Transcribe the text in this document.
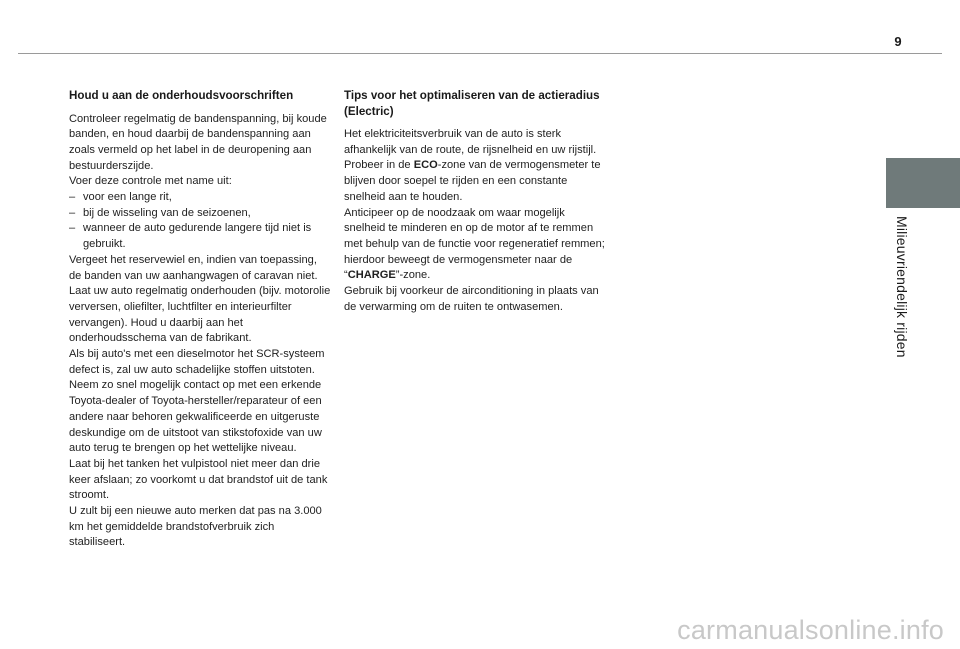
9
Milieuvriendelijk rijden
Houd u aan de onderhoudsvoorschriften

Controleer regelmatig de bandenspanning, bij koude banden, en houd daarbij de bandenspanning aan zoals vermeld op het label in de deuropening aan bestuurderszijde.

Voer deze controle met name uit:

– voor een lange rit,
– bij de wisseling van de seizoenen,
– wanneer de auto gedurende langere tijd niet is gebruikt.

Vergeet het reservewiel en, indien van toepassing, de banden van uw aanhangwagen of caravan niet.

Laat uw auto regelmatig onderhouden (bijv. motorolie verversen, oliefilter, luchtfilter en interieurfilter vervangen). Houd u daarbij aan het onderhoudsschema van de fabrikant.

Als bij auto's met een dieselmotor het SCR-systeem defect is, zal uw auto schadelijke stoffen uitstoten. Neem zo snel mogelijk contact op met een erkende Toyota-dealer of Toyota-hersteller/reparateur of een andere naar behoren gekwalificeerde en uitgeruste deskundige om de uitstoot van stikstofoxide van uw auto terug te brengen op het wettelijke niveau.

Laat bij het tanken het vulpistool niet meer dan drie keer afslaan; zo voorkomt u dat brandstof uit de tank stroomt.

U zult bij een nieuwe auto merken dat pas na 3.000 km het gemiddelde brandstofverbruik zich stabiliseert.

Tips voor het optimaliseren van de actieradius (Electric)

Het elektriciteitsverbruik van de auto is sterk afhankelijk van de route, de rijsnelheid en uw rijstijl.

Probeer in de ECO-zone van de vermogensmeter te blijven door soepel te rijden en een constante snelheid aan te houden.

Anticipeer op de noodzaak om waar mogelijk snelheid te minderen en op de motor af te remmen met behulp van de functie voor regeneratief remmen; hierdoor beweegt de vermogensmeter naar de “CHARGE”-zone.

Gebruik bij voorkeur de airconditioning in plaats van de verwarming om de ruiten te ontwasemen.

carmanualsonline.info
